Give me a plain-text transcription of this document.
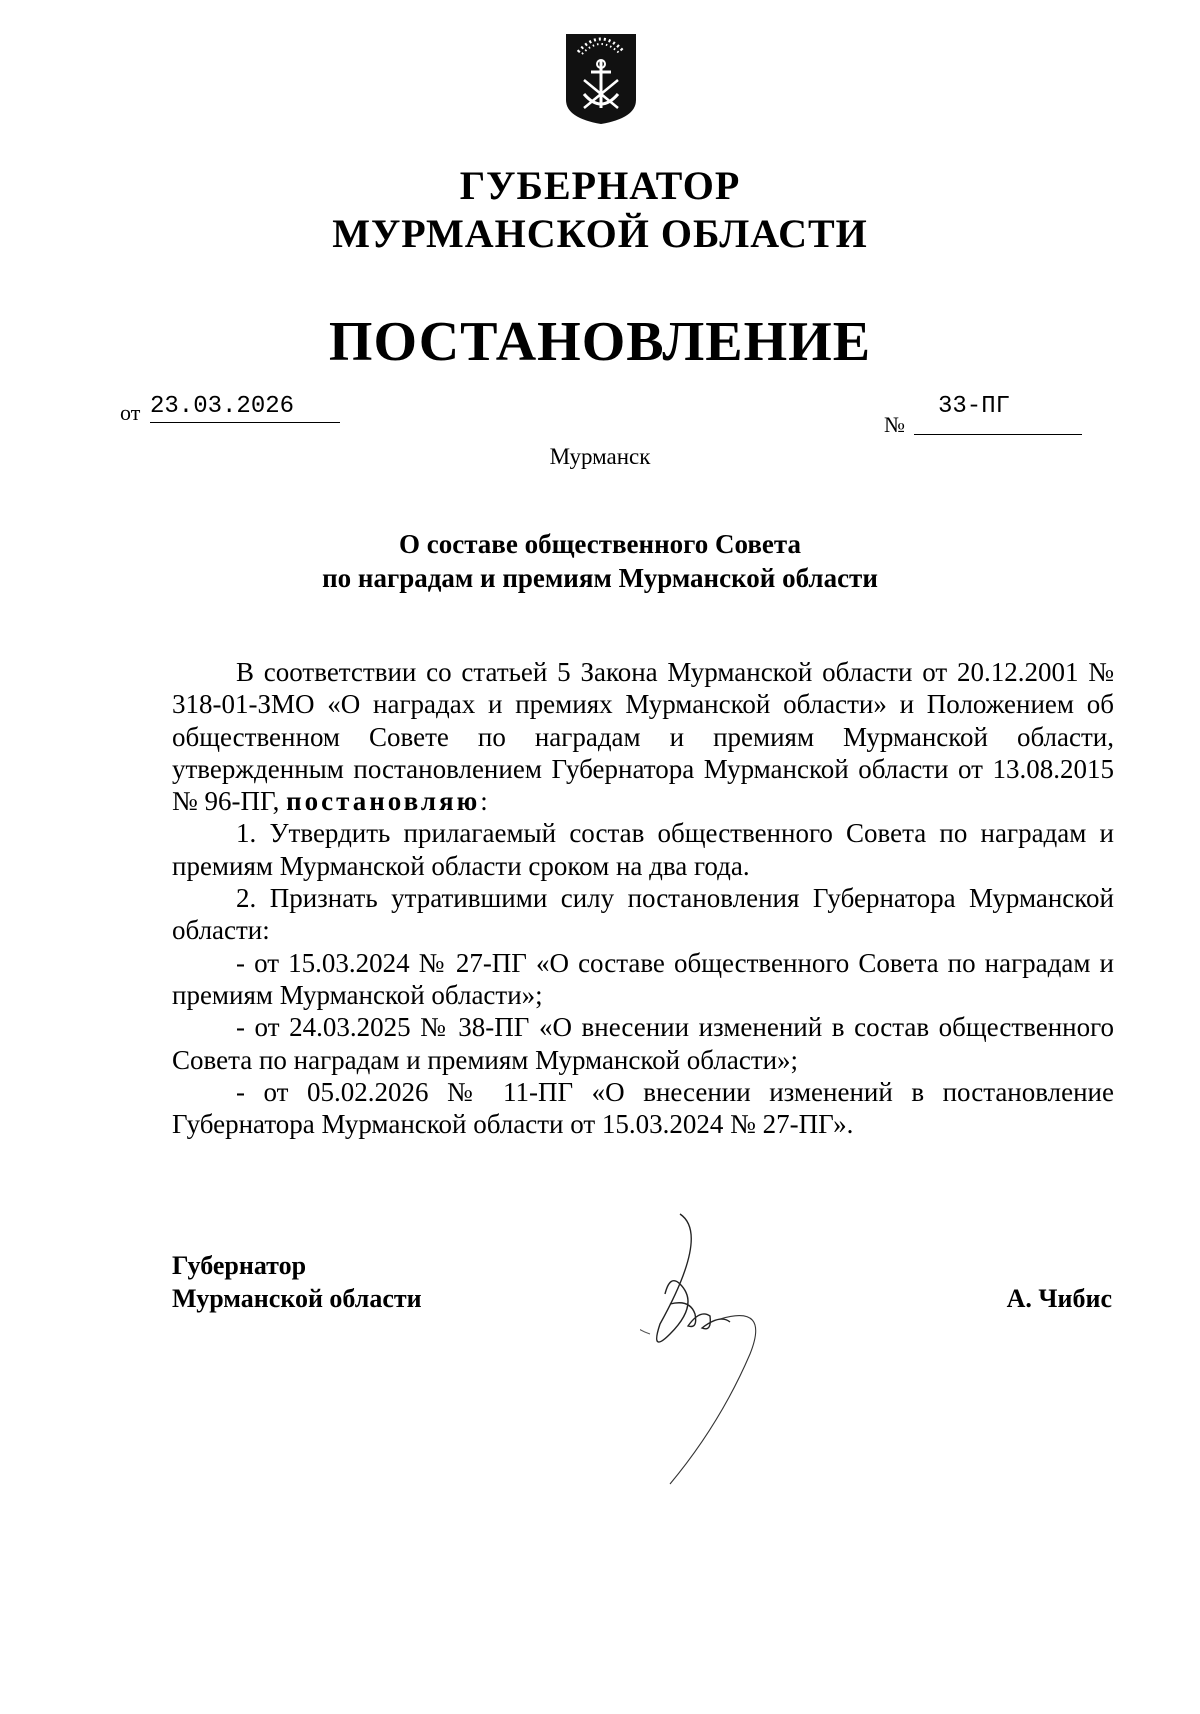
ГУБЕРНАТОР
МУРМАНСКОЙ ОБЛАСТИ
ПОСТАНОВЛЕНИЕ
от 23.03.2026
№
33-ПГ
Мурманск
О составе общественного Совета
по наградам и премиям Мурманской области

В соответствии со статьей 5 Закона Мурманской области от 20.12.2001 № 318-01-ЗМО «О наградах и премиях Мурманской области» и Положением об общественном Совете по наградам и премиям Мурманской области, утвержденным постановлением Губернатора Мурманской области от 13.08.2015 № 96-ПГ, постановляю:

1. Утвердить прилагаемый состав общественного Совета по наградам и премиям Мурманской области сроком на два года.

2. Признать утратившими силу постановления Губернатора Мурманской области:

- от 15.03.2024 № 27-ПГ «О составе общественного Совета по наградам и премиям Мурманской области»;

- от 24.03.2025 № 38-ПГ «О внесении изменений в состав общественного Совета по наградам и премиям Мурманской области»;

- от 05.02.2026 № 11-ПГ «О внесении изменений в постановление Губернатора Мурманской области от 15.03.2024 № 27-ПГ».

Губернатор
Мурманской области	А. Чибис
